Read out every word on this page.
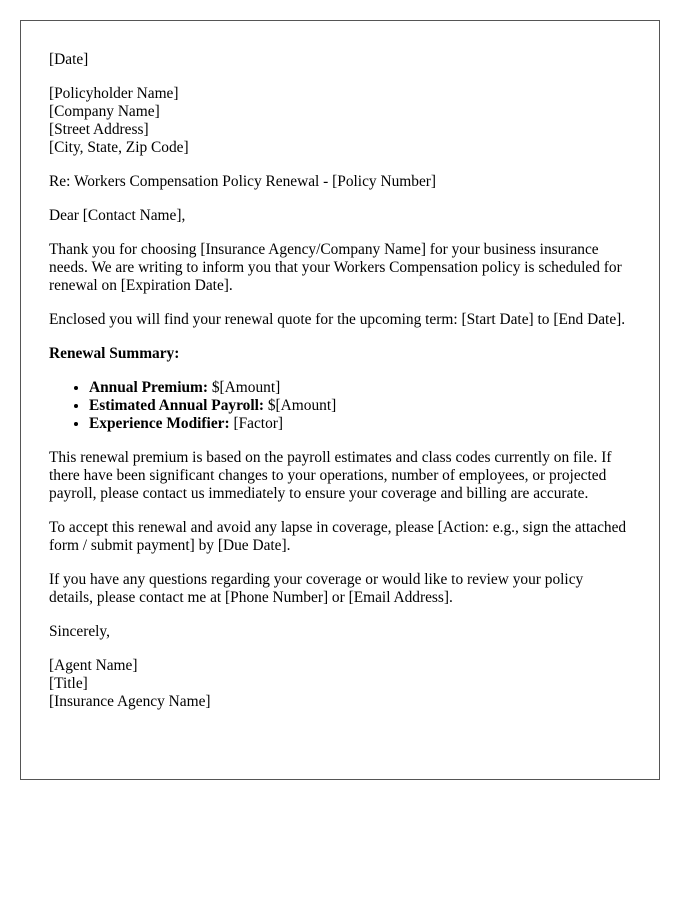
[Date]

[Policyholder Name]
[Company Name]
[Street Address]
[City, State, Zip Code]

Re: Workers Compensation Policy Renewal - [Policy Number]

Dear [Contact Name],

Thank you for choosing [Insurance Agency/Company Name] for your business insurance needs. We are writing to inform you that your Workers Compensation policy is scheduled for renewal on [Expiration Date].

Enclosed you will find your renewal quote for the upcoming term: [Start Date] to [End Date].

Renewal Summary:

• Annual Premium: $[Amount]
• Estimated Annual Payroll: $[Amount]
• Experience Modifier: [Factor]

This renewal premium is based on the payroll estimates and class codes currently on file. If there have been significant changes to your operations, number of employees, or projected payroll, please contact us immediately to ensure your coverage and billing are accurate.

To accept this renewal and avoid any lapse in coverage, please [Action: e.g., sign the attached form / submit payment] by [Due Date].

If you have any questions regarding your coverage or would like to review your policy details, please contact me at [Phone Number] or [Email Address].

Sincerely,

[Agent Name]
[Title]
[Insurance Agency Name]
